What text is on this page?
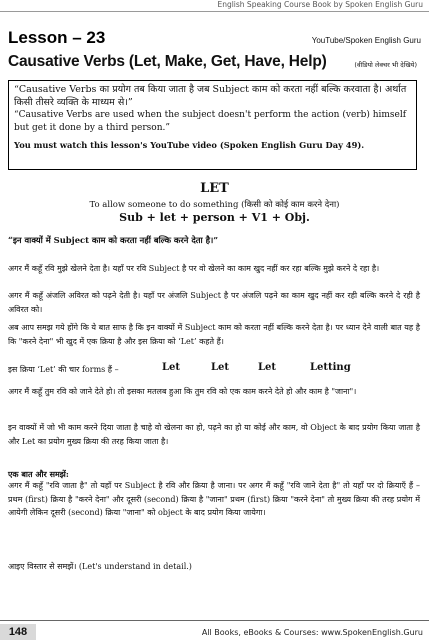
English Speaking Course Book by Spoken English Guru
Lesson – 23	YouTube/Spoken English Guru
Causative Verbs (Let, Make, Get, Have, Help)	(वीडियो लेक्चर भी देखिये)

“Causative Verbs का प्रयोग तब किया जाता है जब Subject काम को करता नहीं बल्कि करवाता है। अर्थात किसी तीसरे व्यक्ति के माध्यम से।”

“Causative Verbs are used when the subject doesn't perform the action (verb) himself but get it done by a third person.”

You must watch this lesson's YouTube video (Spoken English Guru Day 49).

LET
To allow someone to do something (किसी को कोई काम करने देना)
Sub + let + person + V1 + Obj.
“इन वाक्यों में Subject काम को करता नहीं बल्कि करने देता है।”
अगर मैं कहूँ रवि मुझे खेलने देता है। यहाँ पर रवि Subject है पर वो खेलने का काम खुद नहीं कर रहा बल्कि मुझे करने दे रहा है।
अगर मैं कहूँ अंजलि अविरत को पढ़ने देती है। यहाँ पर अंजलि Subject है पर अंजलि पढ़ने का काम खुद नहीं कर रही बल्कि करने दे रही है अविरत को।
अब आप समझ गये होंगे कि ये बात साफ है कि इन वाक्यों में Subject काम को करता नहीं बल्कि करने देता है। पर ध्यान देने वाली बात यह है कि "करने देना" भी खुद में एक क्रिया है और इस क्रिया को ‘Let’ कहते हैं।
इस क्रिया ‘Let’ की चार forms हैं –	Let	Let	Let	Letting
अगर मैं कहूँ तुम रवि को जाने देते हो। तो इसका मतलब हुआ कि तुम रवि को एक काम करने देते हो और काम है "जाना"।
इन वाक्यों में जो भी काम करने दिया जाता है चाहे वो खेलना का हो, पढ़ने का हो या कोई और काम, वो Object के बाद प्रयोग किया जाता है और Let का प्रयोग मुख्य क्रिया की तरह किया जाता है।
एक बात और समझें:
अगर मैं कहूँ "रवि जाता है" तो यहाँ पर Subject है रवि और क्रिया है जाना। पर अगर मैं कहूँ "रवि जाने देता है" तो यहाँ पर दो क्रियाएँ हैं – प्रथम (first) क्रिया है "करने देना" और दूसरी (second) क्रिया है "जाना" प्रथम (first) क्रिया "करने देना" तो मुख्य क्रिया की तरह प्रयोग में आयेगी लेकिन दूसरी (second) क्रिया "जाना" को object के बाद प्रयोग किया जायेगा।
आइए विस्तार से समझें। (Let's understand in detail.)
148	All Books, eBooks & Courses: www.SpokenEnglish.Guru
